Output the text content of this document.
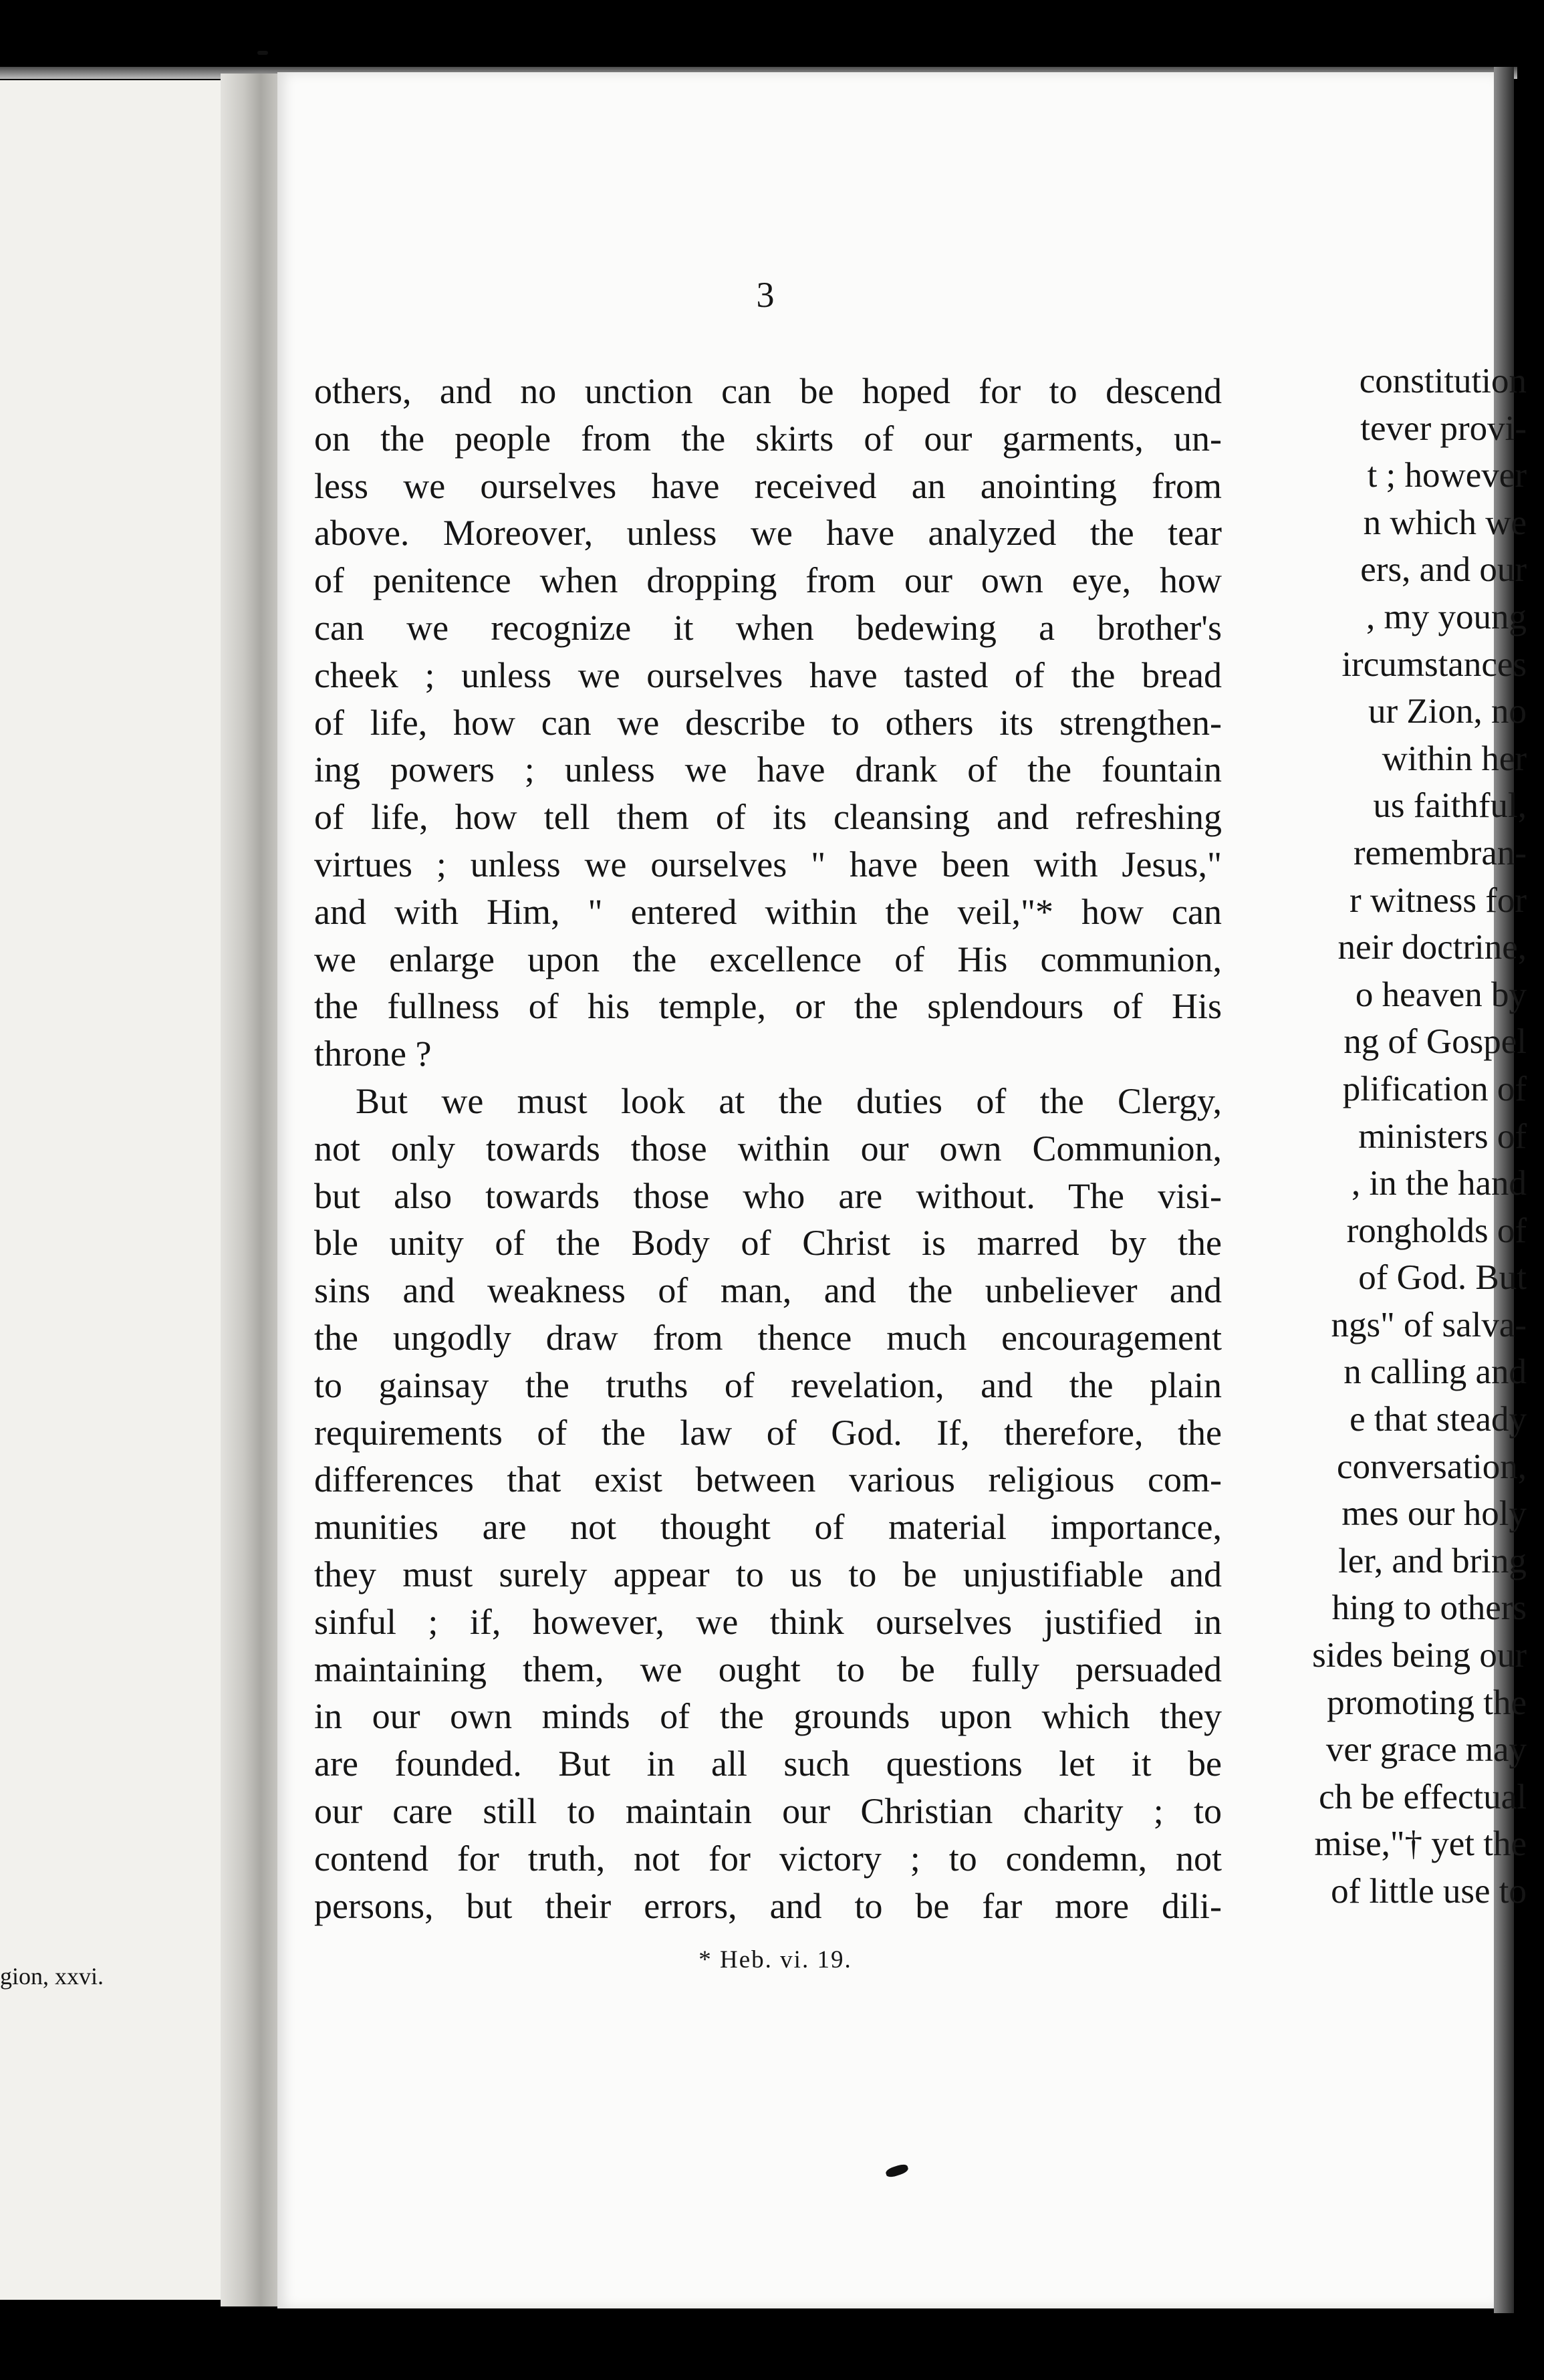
constitution
tever provi-
t ; however
n which we
ers, and our
, my young
ircumstances
ur Zion, no
within her
us faithful,
remembran-
r witness for
neir doctrine,
o heaven by
ng of Gospel
plification of
ministers of
, in the hand
rongholds of
of God. But
ngs" of salva-
n calling and
e that steady
conversation,
mes our holy
ler, and bring
hing to others
sides being our
promoting the
ver grace may
ch be effectual
mise,"† yet the
of little use to
gion, xxvi.
3
others, and no unction can be hoped for to descend
on the people from the skirts of our garments, un-
less we ourselves have received an anointing from
above. Moreover, unless we have analyzed the tear
of penitence when dropping from our own eye, how
can we recognize it when bedewing a brother's
cheek ; unless we ourselves have tasted of the bread
of life, how can we describe to others its strengthen-
ing powers ; unless we have drank of the fountain
of life, how tell them of its cleansing and refreshing
virtues ; unless we ourselves " have been with Jesus,"
and with Him, " entered within the veil,"* how can
we enlarge upon the excellence of His communion,
the fullness of his temple, or the splendours of His
throne ?
But we must look at the duties of the Clergy,
not only towards those within our own Communion,
but also towards those who are without. The visi-
ble unity of the Body of Christ is marred by the
sins and weakness of man, and the unbeliever and
the ungodly draw from thence much encouragement
to gainsay the truths of revelation, and the plain
requirements of the law of God. If, therefore, the
differences that exist between various religious com-
munities are not thought of material importance,
they must surely appear to us to be unjustifiable and
sinful ; if, however, we think ourselves justified in
maintaining them, we ought to be fully persuaded
in our own minds of the grounds upon which they
are founded. But in all such questions let it be
our care still to maintain our Christian charity ; to
contend for truth, not for victory ; to condemn, not
persons, but their errors, and to be far more dili-
* Heb. vi. 19.
